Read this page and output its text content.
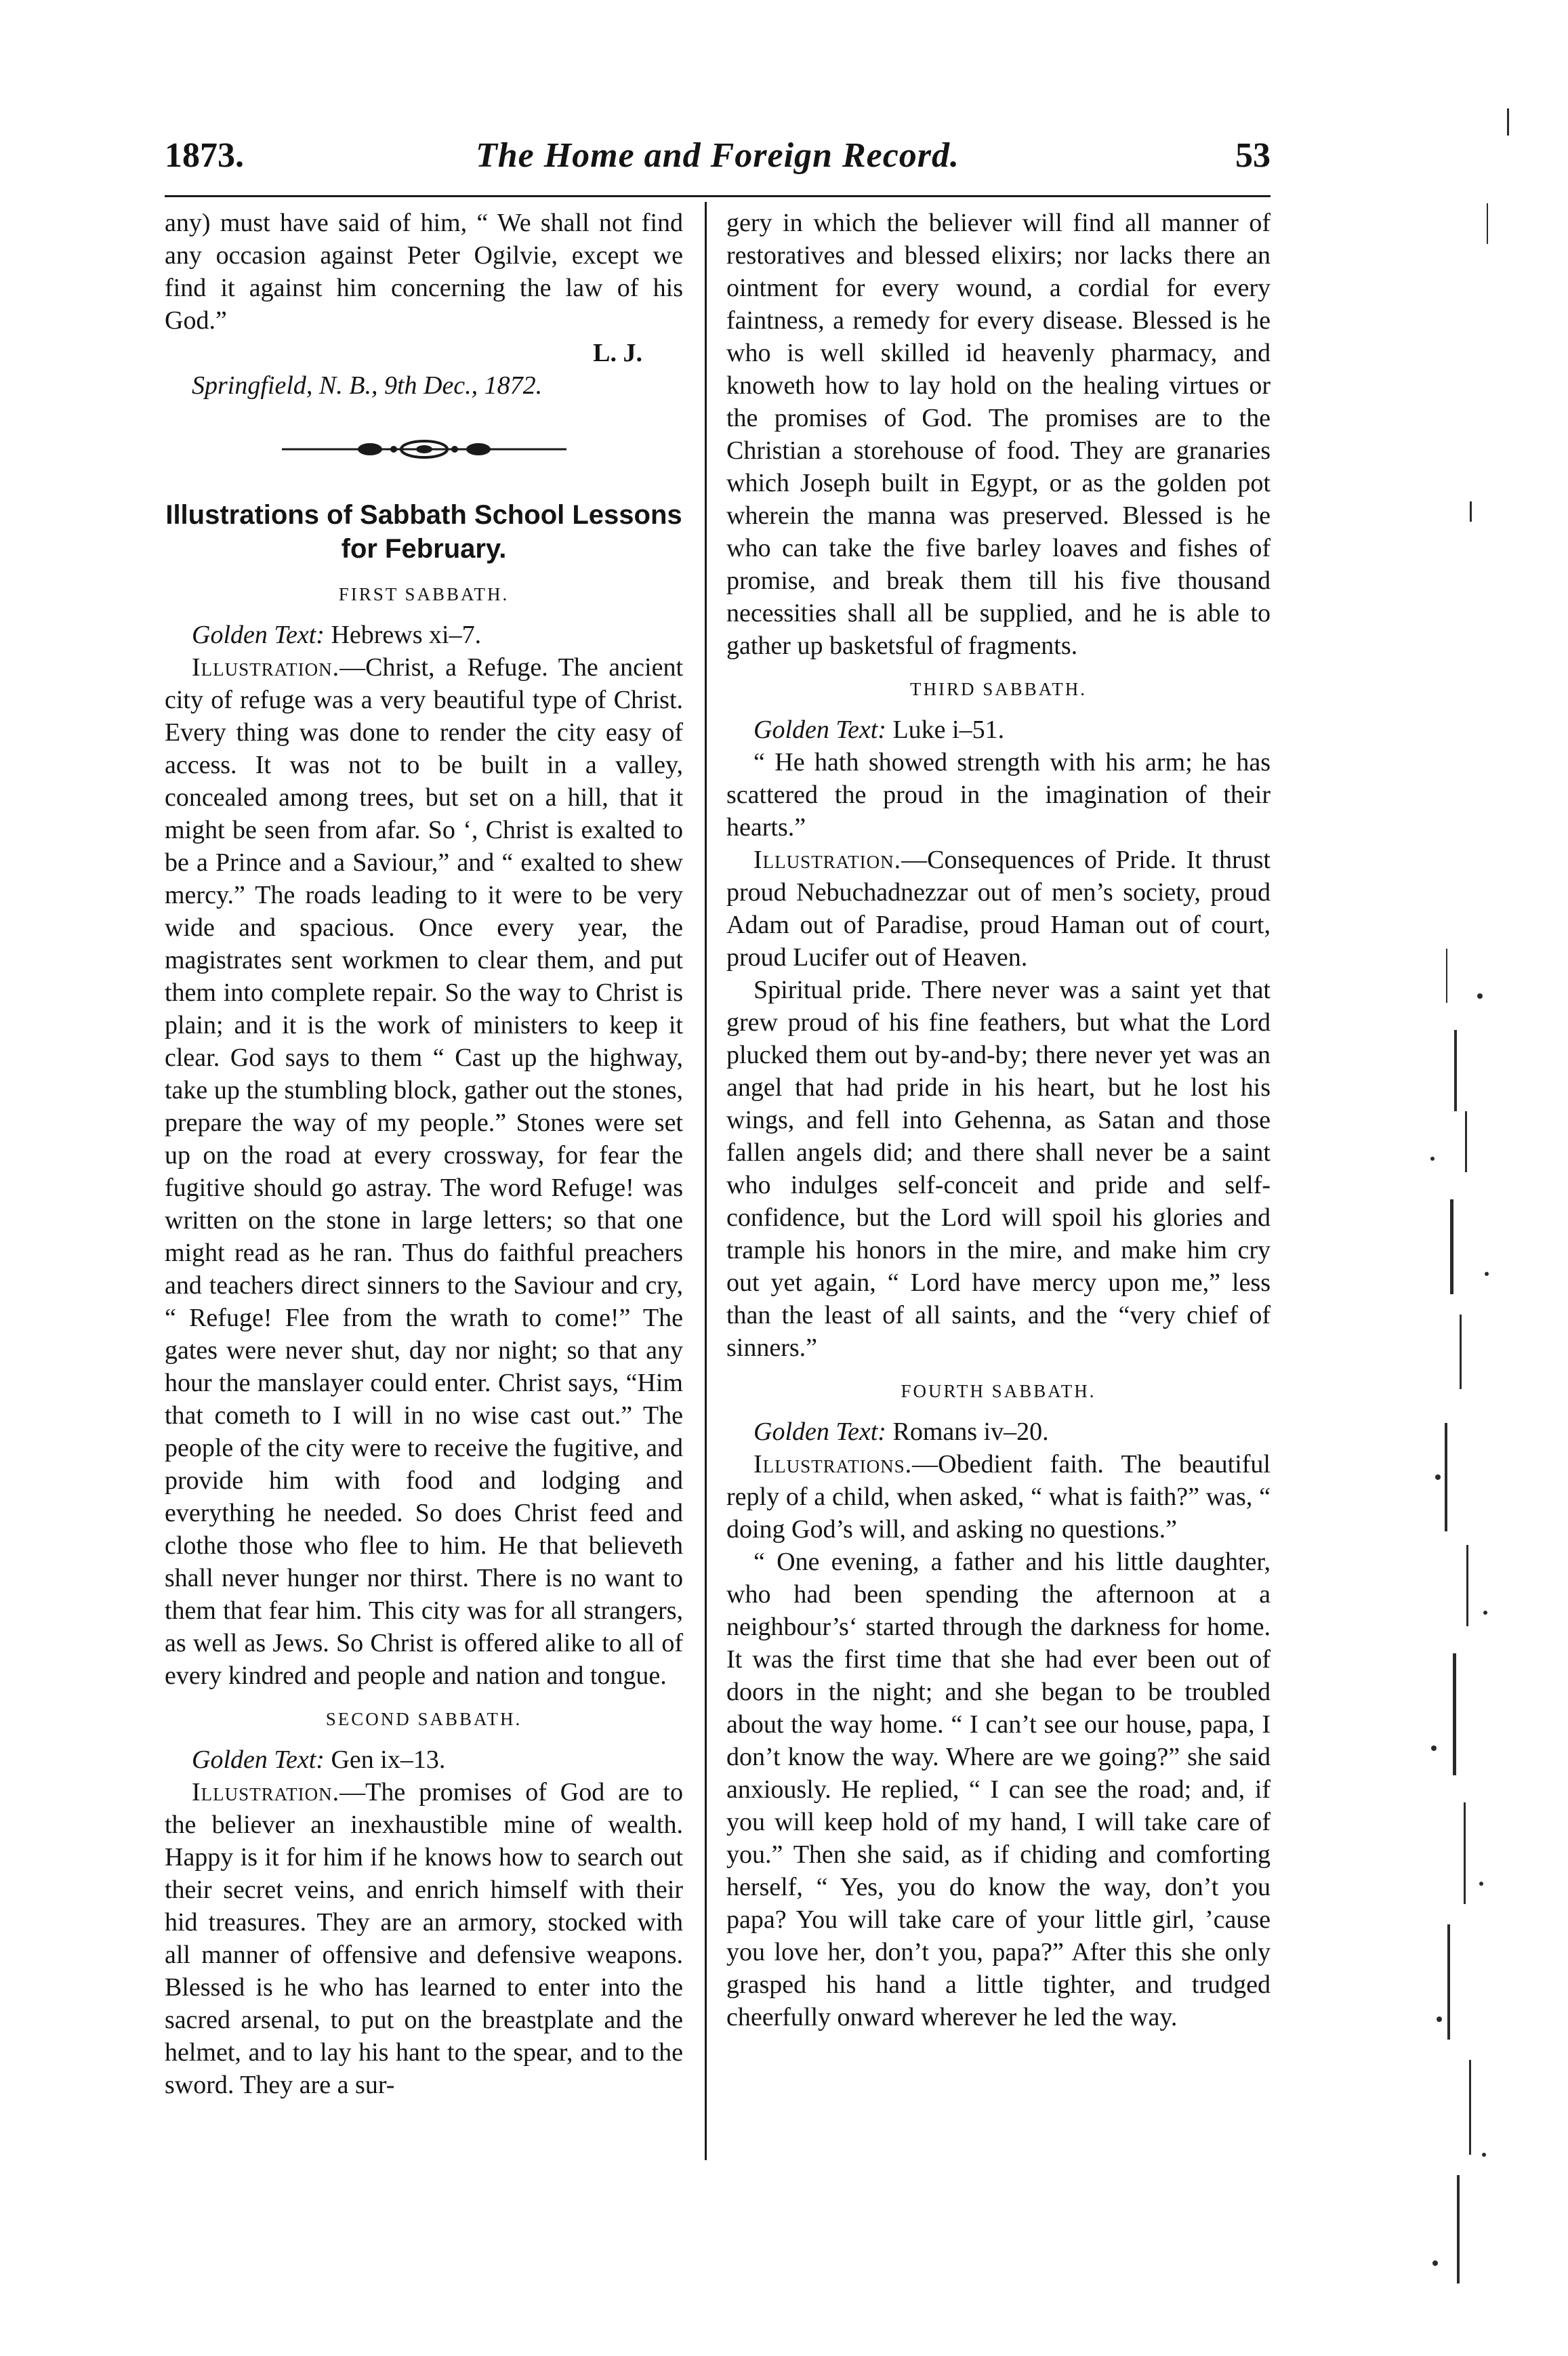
1873.	The Home and Foreign Record.	53

any) must have said of him, “ We shall not find any occasion against Peter Ogilvie, except we find it against him concerning the law of his God.”

L. J.

Springfield, N. B., 9th Dec., 1872.

Illustrations of Sabbath School Lessons for February.
FIRST SABBATH.

Golden Text: Hebrews xi–7.

Illustration.—Christ, a Refuge. The ancient city of refuge was a very beautiful type of Christ. Every thing was done to render the city easy of access. It was not to be built in a valley, concealed among trees, but set on a hill, that it might be seen from afar. So ‘, Christ is exalted to be a Prince and a Saviour,” and “ exalted to shew mercy.” The roads leading to it were to be very wide and spacious. Once every year, the magistrates sent workmen to clear them, and put them into complete repair. So the way to Christ is plain; and it is the work of ministers to keep it clear. God says to them “ Cast up the highway, take up the stumbling block, gather out the stones, prepare the way of my people.” Stones were set up on the road at every crossway, for fear the fugitive should go astray. The word Refuge! was written on the stone in large letters; so that one might read as he ran. Thus do faithful preachers and teachers direct sinners to the Saviour and cry, “ Refuge! Flee from the wrath to come!” The gates were never shut, day nor night; so that any hour the manslayer could enter. Christ says, “Him that cometh to I will in no wise cast out.” The people of the city were to receive the fugitive, and provide him with food and lodging and everything he needed. So does Christ feed and clothe those who flee to him. He that believeth shall never hunger nor thirst. There is no want to them that fear him. This city was for all strangers, as well as Jews. So Christ is offered alike to all of every kindred and people and nation and tongue.

SECOND SABBATH.

Golden Text: Gen ix–13.

Illustration.—The promises of God are to the believer an inexhaustible mine of wealth. Happy is it for him if he knows how to search out their secret veins, and enrich himself with their hid treasures. They are an armory, stocked with all manner of offensive and defensive weapons. Blessed is he who has learned to enter into the sacred arsenal, to put on the breastplate and the helmet, and to lay his hant to the spear, and to the sword. They are a sur-

gery in which the believer will find all manner of restoratives and blessed elixirs; nor lacks there an ointment for every wound, a cordial for every faintness, a remedy for every disease. Blessed is he who is well skilled id heavenly pharmacy, and knoweth how to lay hold on the healing virtues or the promises of God. The promises are to the Christian a storehouse of food. They are granaries which Joseph built in Egypt, or as the golden pot wherein the manna was preserved. Blessed is he who can take the five barley loaves and fishes of promise, and break them till his five thousand necessities shall all be supplied, and he is able to gather up basketsful of fragments.

THIRD SABBATH.

Golden Text: Luke i–51.

“ He hath showed strength with his arm; he has scattered the proud in the imagination of their hearts.”

Illustration.—Consequences of Pride. It thrust proud Nebuchadnezzar out of men’s society, proud Adam out of Paradise, proud Haman out of court, proud Lucifer out of Heaven.

Spiritual pride. There never was a saint yet that grew proud of his fine feathers, but what the Lord plucked them out by-and-by; there never yet was an angel that had pride in his heart, but he lost his wings, and fell into Gehenna, as Satan and those fallen angels did; and there shall never be a saint who indulges self-conceit and pride and self-confidence, but the Lord will spoil his glories and trample his honors in the mire, and make him cry out yet again, “ Lord have mercy upon me,” less than the least of all saints, and the “very chief of sinners.”

FOURTH SABBATH.

Golden Text: Romans iv–20.

Illustrations.—Obedient faith. The beautiful reply of a child, when asked, “ what is faith?” was, “ doing God’s will, and asking no questions.”

“ One evening, a father and his little daughter, who had been spending the afternoon at a neighbour’s‘ started through the darkness for home. It was the first time that she had ever been out of doors in the night; and she began to be troubled about the way home. “ I can’t see our house, papa, I don’t know the way. Where are we going?” she said anxiously. He replied, “ I can see the road; and, if you will keep hold of my hand, I will take care of you.” Then she said, as if chiding and comforting herself, “ Yes, you do know the way, don’t you papa? You will take care of your little girl, ’cause you love her, don’t you, papa?” After this she only grasped his hand a little tighter, and trudged cheerfully onward wherever he led the way.
